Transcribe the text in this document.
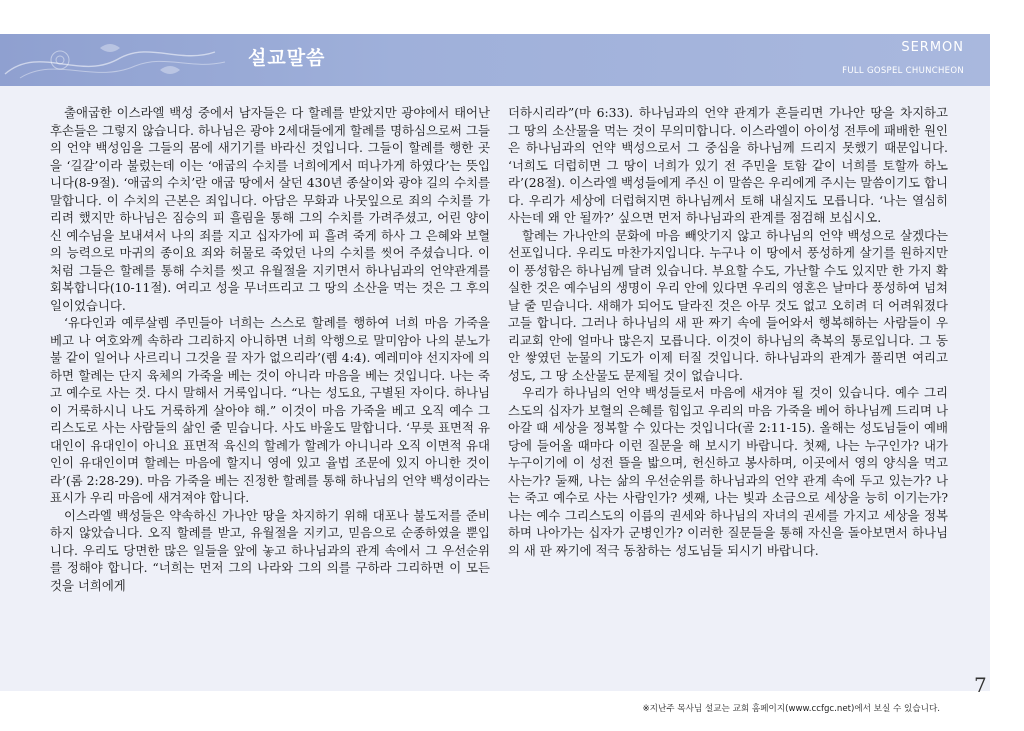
설교말씀	SERMON
FULL GOSPEL CHUNCHEON

출애굽한 이스라엘 백성 중에서 남자들은 다 할례를 받았지만 광야에서 태어난 후손들은 그렇지 않습니다. 하나님은 광야 2세대들에게 할례를 명하심으로써 그들의 언약 백성임을 그들의 몸에 새기기를 바라신 것입니다. 그들이 할례를 행한 곳을 ‘길갈’이라 불렀는데 이는 ‘애굽의 수치를 너희에게서 떠나가게 하였다’는 뜻입니다(8-9절). ‘애굽의 수치’란 애굽 땅에서 살던 430년 종살이와 광야 길의 수치를 말합니다. 이 수치의 근본은 죄입니다. 아담은 무화과 나뭇잎으로 죄의 수치를 가리려 했지만 하나님은 짐승의 피 흘림을 통해 그의 수치를 가려주셨고, 어린 양이신 예수님을 보내셔서 나의 죄를 지고 십자가에 피 흘려 죽게 하사 그 은혜와 보혈의 능력으로 마귀의 종이요 죄와 허물로 죽었던 나의 수치를 씻어 주셨습니다. 이처럼 그들은 할례를 통해 수치를 씻고 유월절을 지키면서 하나님과의 언약관계를 회복합니다(10-11절). 여리고 성을 무너뜨리고 그 땅의 소산을 먹는 것은 그 후의 일이었습니다.

‘유다인과 예루살렘 주민들아 너희는 스스로 할례를 행하여 너희 마음 가죽을 베고 나 여호와께 속하라 그리하지 아니하면 너희 악행으로 말미암아 나의 분노가 불 같이 일어나 사르리니 그것을 끌 자가 없으리라’(렘 4:4). 예레미야 선지자에 의하면 할례는 단지 육체의 가죽을 베는 것이 아니라 마음을 베는 것입니다. 나는 죽고 예수로 사는 것. 다시 말해서 거룩입니다. “나는 성도요, 구별된 자이다. 하나님이 거룩하시니 나도 거룩하게 살아야 해.” 이것이 마음 가죽을 베고 오직 예수 그리스도로 사는 사람들의 삶인 줄 믿습니다. 사도 바울도 말합니다. ‘무릇 표면적 유대인이 유대인이 아니요 표면적 육신의 할례가 할례가 아니니라 오직 이면적 유대인이 유대인이며 할례는 마음에 할지니 영에 있고 율법 조문에 있지 아니한 것이라’(롬 2:28-29). 마음 가죽을 베는 진정한 할례를 통해 하나님의 언약 백성이라는 표시가 우리 마음에 새겨져야 합니다.

이스라엘 백성들은 약속하신 가나안 땅을 차지하기 위해 대포나 불도저를 준비하지 않았습니다. 오직 할례를 받고, 유월절을 지키고, 믿음으로 순종하였을 뿐입니다. 우리도 당면한 많은 일들을 앞에 놓고 하나님과의 관계 속에서 그 우선순위를 정해야 합니다. “너희는 먼저 그의 나라와 그의 의를 구하라 그리하면 이 모든 것을 너희에게

더하시리라”(마 6:33). 하나님과의 언약 관계가 흔들리면 가나안 땅을 차지하고 그 땅의 소산물을 먹는 것이 무의미합니다. 이스라엘이 아이성 전투에 패배한 원인은 하나님과의 언약 백성으로서 그 중심을 하나님께 드리지 못했기 때문입니다. ‘너희도 더럽히면 그 땅이 너희가 있기 전 주민을 토함 같이 너희를 토할까 하노라’(28절). 이스라엘 백성들에게 주신 이 말씀은 우리에게 주시는 말씀이기도 합니다. 우리가 세상에 더럽혀지면 하나님께서 토해 내실지도 모릅니다. ‘나는 열심히 사는데 왜 안 될까?’ 싶으면 먼저 하나님과의 관계를 점검해 보십시오.

할례는 가나안의 문화에 마음 빼앗기지 않고 하나님의 언약 백성으로 살겠다는 선포입니다. 우리도 마찬가지입니다. 누구나 이 땅에서 풍성하게 살기를 원하지만 이 풍성함은 하나님께 달려 있습니다. 부요할 수도, 가난할 수도 있지만 한 가지 확실한 것은 예수님의 생명이 우리 안에 있다면 우리의 영혼은 날마다 풍성하여 넘쳐날 줄 믿습니다. 새해가 되어도 달라진 것은 아무 것도 없고 오히려 더 어려워졌다고들 합니다. 그러나 하나님의 새 판 짜기 속에 들어와서 행복해하는 사람들이 우리교회 안에 얼마나 많은지 모릅니다. 이것이 하나님의 축복의 통로입니다. 그 동안 쌓였던 눈물의 기도가 이제 터질 것입니다. 하나님과의 관계가 풀리면 여리고 성도, 그 땅 소산물도 문제될 것이 없습니다.

우리가 하나님의 언약 백성들로서 마음에 새겨야 될 것이 있습니다. 예수 그리스도의 십자가 보혈의 은혜를 힘입고 우리의 마음 가죽을 베어 하나님께 드리며 나아갈 때 세상을 정복할 수 있다는 것입니다(골 2:11-15). 올해는 성도님들이 예배당에 들어올 때마다 이런 질문을 해 보시기 바랍니다. 첫째, 나는 누구인가? 내가 누구이기에 이 성전 뜰을 밟으며, 헌신하고 봉사하며, 이곳에서 영의 양식을 먹고 사는가? 둘째, 나는 삶의 우선순위를 하나님과의 언약 관계 속에 두고 있는가? 나는 죽고 예수로 사는 사람인가? 셋째, 나는 빛과 소금으로 세상을 능히 이기는가? 나는 예수 그리스도의 이름의 권세와 하나님의 자녀의 권세를 가지고 세상을 정복하며 나아가는 십자가 군병인가? 이러한 질문들을 통해 자신을 돌아보면서 하나님의 새 판 짜기에 적극 동참하는 성도님들 되시기 바랍니다.

7
※지난주 목사님 설교는 교회 홈페이지(www.ccfgc.net)에서 보실 수 있습니다.
